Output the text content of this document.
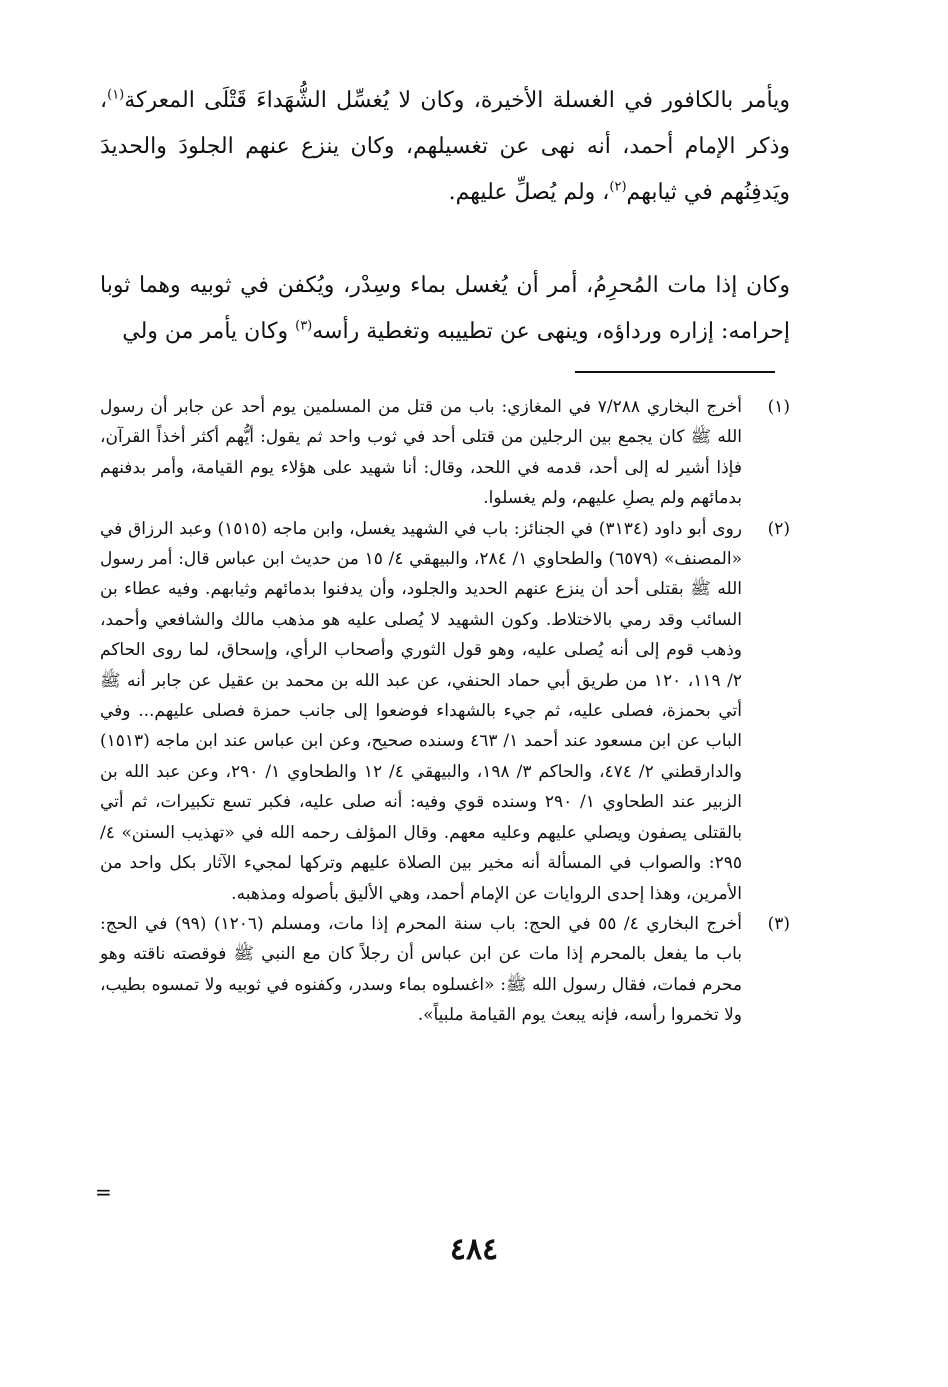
ويأمر بالكافور في الغسلة الأخيرة، وكان لا يُغسِّل الشُّهَداءَ قَتْلَى المعركة$^{(١)}$، وذكر الإمام أحمد، أنه نهى عن تغسيلهم، وكان ينزع عنهم الجلودَ والحديدَ ويَدفِنُهم في ثيابهم$^{(٢)}$، ولم يُصلِّ عليهم.

وكان إذا مات المُحرِمُ، أمر أن يُغسل بماء وسِدْر، ويُكفن في ثوبيه وهما ثوبا إحرامه: إزاره ورداؤه، وينهى عن تطييبه وتغطية رأسه$^{(٣)}$ وكان يأمر من ولي

(١)
أخرج البخاري ٧/٢٨٨ في المغازي: باب من قتل من المسلمين يوم أحد عن جابر أن رسول الله ﷺ كان يجمع بين الرجلين من قتلى أحد في ثوب واحد ثم يقول: أيُّهم أكثر أخذاً القرآن، فإذا أشير له إلى أحد، قدمه في اللحد، وقال: أنا شهيد على هؤلاء يوم القيامة، وأمر بدفنهم بدمائهم ولم يصلِ عليهم، ولم يغسلوا.
(٢)
روى أبو داود (٣١٣٤) في الجنائز: باب في الشهيد يغسل، وابن ماجه (١٥١٥) وعبد الرزاق في «المصنف» (٦٥٧٩) والطحاوي ١/ ٢٨٤، والبيهقي ٤/ ١٥ من حديث ابن عباس قال: أمر رسول الله ﷺ بقتلى أحد أن ينزع عنهم الحديد والجلود، وأن يدفنوا بدمائهم وثيابهم. وفيه عطاء بن السائب وقد رمي بالاختلاط. وكون الشهيد لا يُصلى عليه هو مذهب مالك والشافعي وأحمد، وذهب قوم إلى أنه يُصلى عليه، وهو قول الثوري وأصحاب الرأي، وإسحاق، لما روى الحاكم ٢/ ١١٩، ١٢٠ من طريق أبي حماد الحنفي، عن عبد الله بن محمد بن عقيل عن جابر أنه ﷺ أتي بحمزة، فصلى عليه، ثم جيء بالشهداء فوضعوا إلى جانب حمزة فصلى عليهم... وفي الباب عن ابن مسعود عند أحمد ١/ ٤٦٣ وسنده صحيح، وعن ابن عباس عند ابن ماجه (١٥١٣) والدارقطني ٢/ ٤٧٤، والحاكم ٣/ ١٩٨، والبيهقي ٤/ ١٢ والطحاوي ١/ ٢٩٠، وعن عبد الله بن الزبير عند الطحاوي ١/ ٢٩٠ وسنده قوي وفيه: أنه صلى عليه، فكبر تسع تكبيرات، ثم أتي بالقتلى يصفون ويصلي عليهم وعليه معهم. وقال المؤلف رحمه الله في «تهذيب السنن» ٤/ ٢٩٥: والصواب في المسألة أنه مخير بين الصلاة عليهم وتركها لمجيء الآثار بكل واحد من الأمرين، وهذا إحدى الروايات عن الإمام أحمد، وهي الأليق بأصوله ومذهبه.
(٣)
أخرج البخاري ٤/ ٥٥ في الحج: باب سنة المحرم إذا مات، ومسلم (١٢٠٦) (٩٩) في الحج: باب ما يفعل بالمحرم إذا مات عن ابن عباس أن رجلاً كان مع النبي ﷺ فوقصته ناقته وهو محرم فمات، فقال رسول الله ﷺ: «اغسلوه بماء وسدر، وكفنوه في ثوبيه ولا تمسوه بطيب، ولا تخمروا رأسه، فإنه يبعث يوم القيامة ملبياً».
=
٤٨٤
